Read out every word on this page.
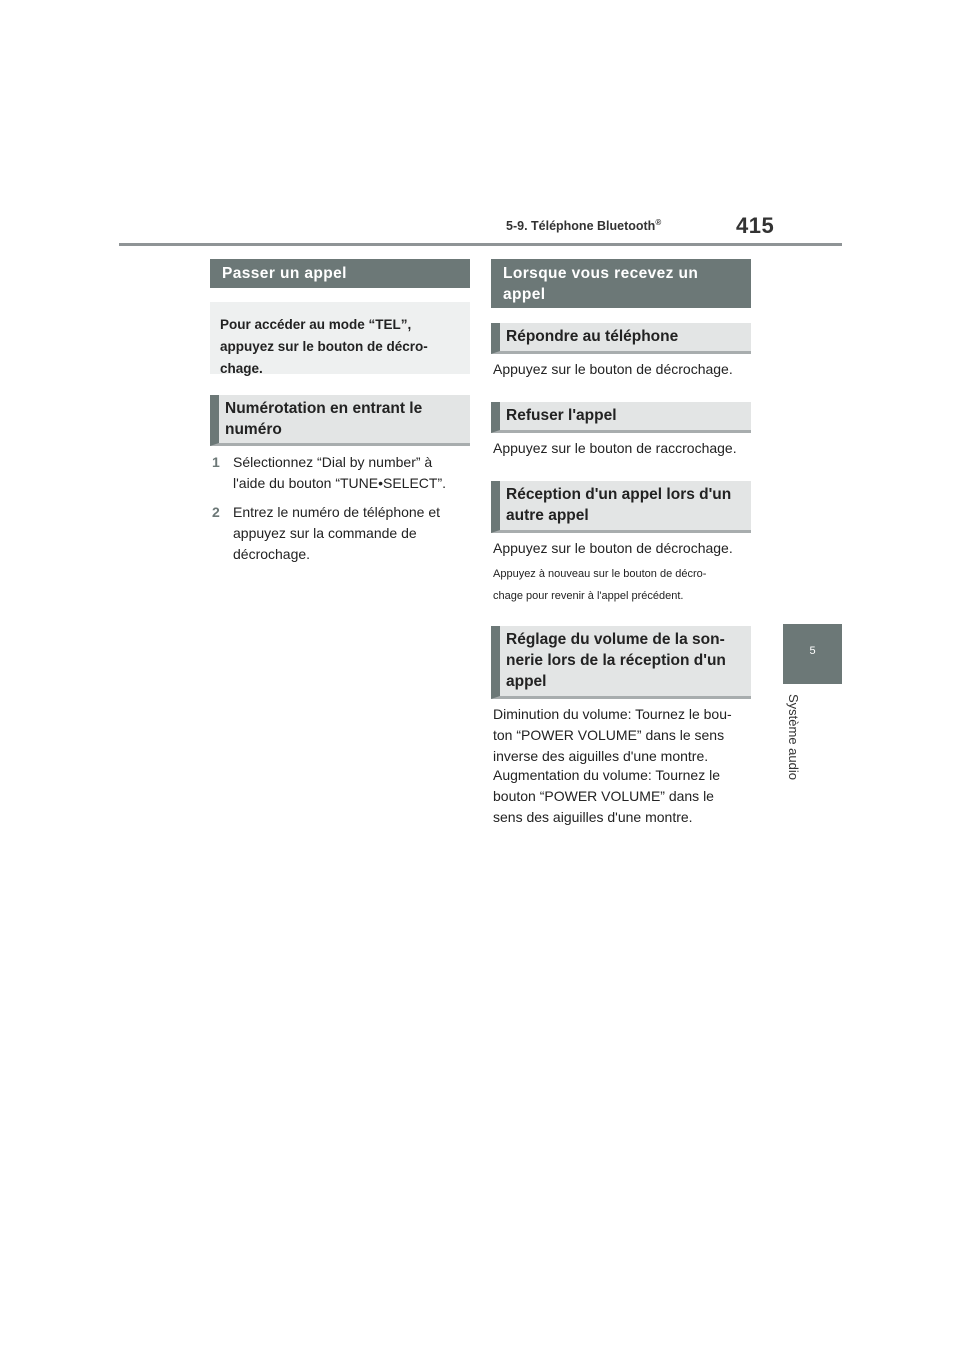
5-9. Téléphone Bluetooth®	415
5
Système audio
Passer un appel
Pour accéder au mode “TEL”,
appuyez sur le bouton de décro-
chage.
Numérotation en entrant le
numéro
1 Sélectionnez “Dial by number” à
l'aide du bouton “TUNE•SELECT”.
2 Entrez le numéro de téléphone et
appuyez sur la commande de
décrochage.
Lorsque vous recevez un
appel
Répondre au téléphone
Appuyez sur le bouton de décrochage.
Refuser l'appel
Appuyez sur le bouton de raccrochage.
Réception d'un appel lors d'un
autre appel
Appuyez sur le bouton de décrochage.
Appuyez à nouveau sur le bouton de décro-
chage pour revenir à l'appel précédent.
Réglage du volume de la son-
nerie lors de la réception d'un
appel
Diminution du volume: Tournez le bou-
ton “POWER VOLUME” dans le sens
inverse des aiguilles d'une montre.
Augmentation du volume: Tournez le
bouton “POWER VOLUME” dans le
sens des aiguilles d'une montre.
